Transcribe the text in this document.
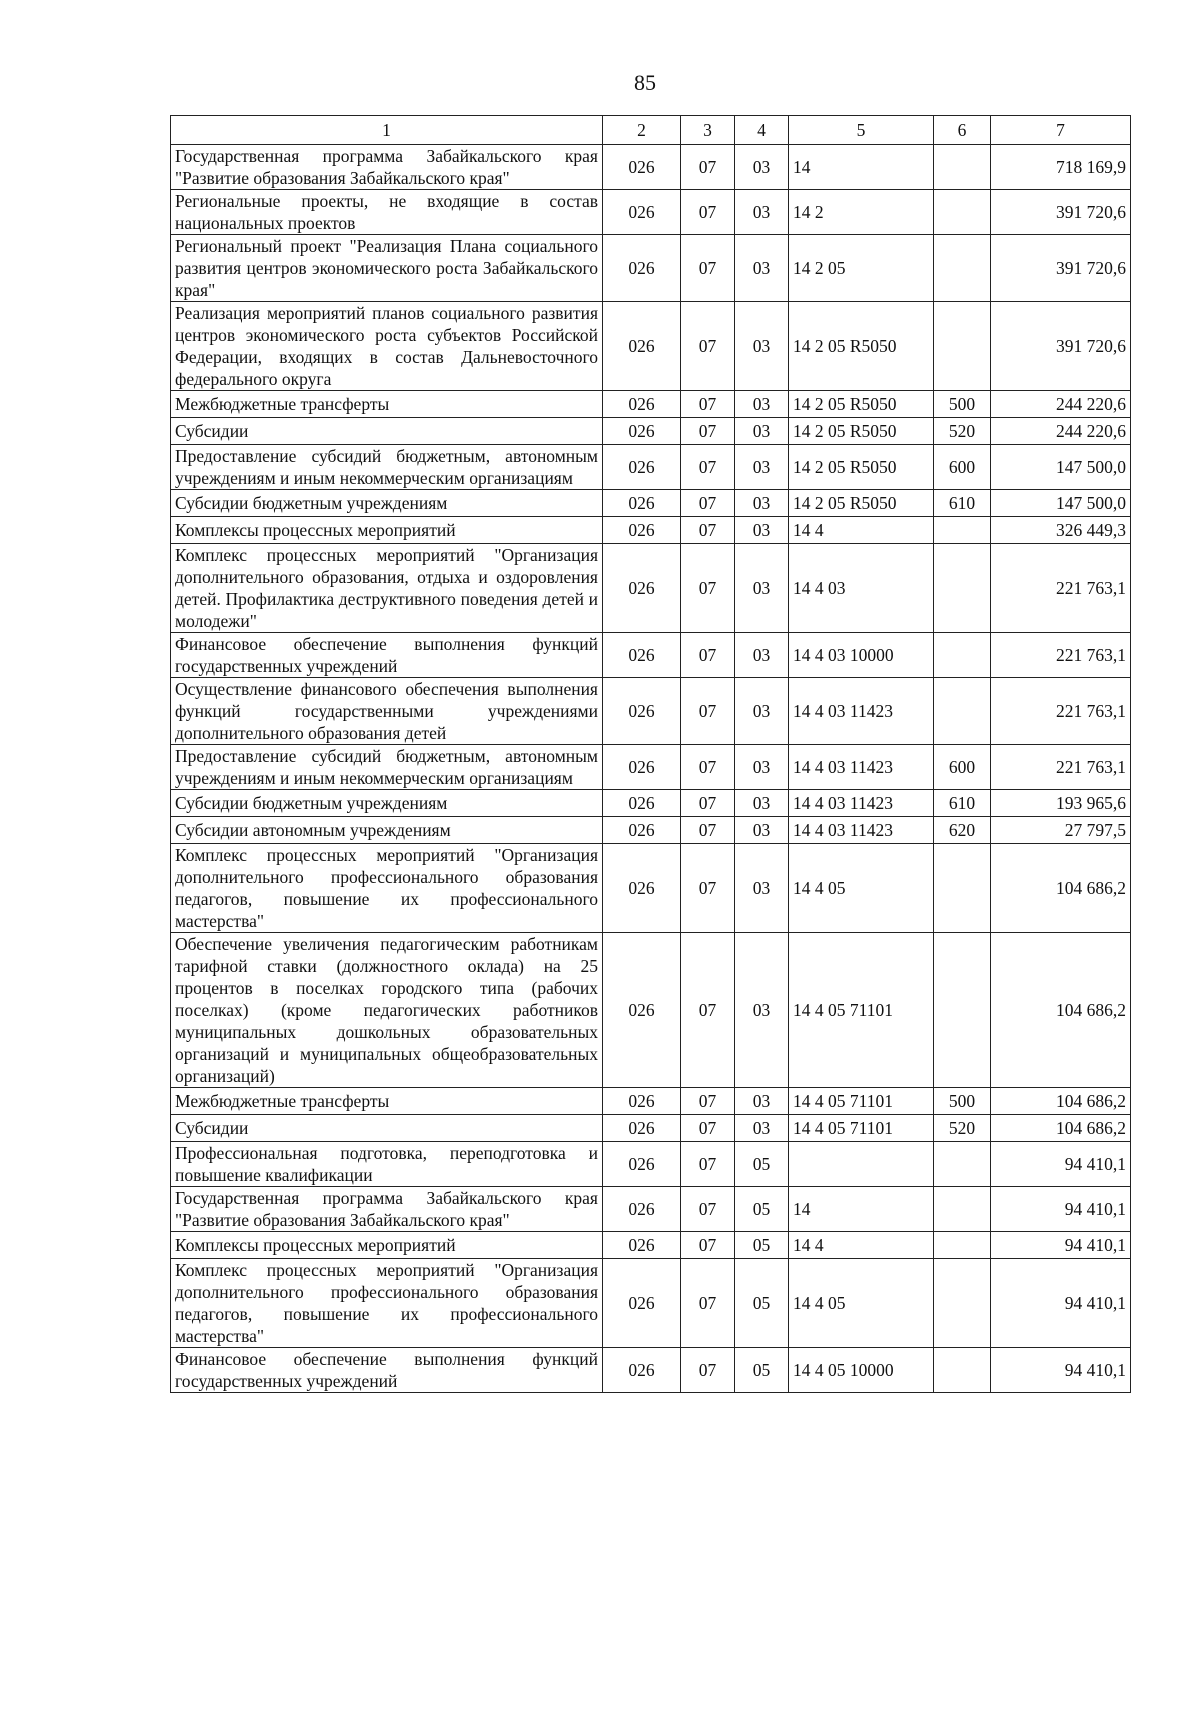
85
1	2	3	4	5	6	7
Государственная программа Забайкальского края "Развитие образования Забайкальского края"	026	07	03	14		718 169,9
Региональные проекты, не входящие в состав национальных проектов	026	07	03	14 2		391 720,6
Региональный проект "Реализация Плана социального развития центров экономического роста Забайкальского края"	026	07	03	14 2 05		391 720,6
Реализация мероприятий планов социального развития центров экономического роста субъектов Российской Федерации, входящих в состав Дальневосточного федерального округа	026	07	03	14 2 05 R5050		391 720,6
Межбюджетные трансферты	026	07	03	14 2 05 R5050	500	244 220,6
Субсидии	026	07	03	14 2 05 R5050	520	244 220,6
Предоставление субсидий бюджетным, автономным учреждениям и иным некоммерческим организациям	026	07	03	14 2 05 R5050	600	147 500,0
Субсидии бюджетным учреждениям	026	07	03	14 2 05 R5050	610	147 500,0
Комплексы процессных мероприятий	026	07	03	14 4		326 449,3
Комплекс процессных мероприятий "Организация дополнительного образования, отдыха и оздоровления детей. Профилактика деструктивного поведения детей и молодежи"	026	07	03	14 4 03		221 763,1
Финансовое обеспечение выполнения функций государственных учреждений	026	07	03	14 4 03 10000		221 763,1
Осуществление финансового обеспечения выполнения функций государственными учреждениями дополнительного образования детей	026	07	03	14 4 03 11423		221 763,1
Предоставление субсидий бюджетным, автономным учреждениям и иным некоммерческим организациям	026	07	03	14 4 03 11423	600	221 763,1
Субсидии бюджетным учреждениям	026	07	03	14 4 03 11423	610	193 965,6
Субсидии автономным учреждениям	026	07	03	14 4 03 11423	620	27 797,5
Комплекс процессных мероприятий "Организация дополнительного профессионального образования педагогов, повышение их профессионального мастерства"	026	07	03	14 4 05		104 686,2
Обеспечение увеличения педагогическим работникам тарифной ставки (должностного оклада) на 25 процентов в поселках городского типа (рабочих поселках) (кроме педагогических работников муниципальных дошкольных образовательных организаций и муниципальных общеобразовательных организаций)	026	07	03	14 4 05 71101		104 686,2
Межбюджетные трансферты	026	07	03	14 4 05 71101	500	104 686,2
Субсидии	026	07	03	14 4 05 71101	520	104 686,2
Профессиональная подготовка, переподготовка и повышение квалификации	026	07	05			94 410,1
Государственная программа Забайкальского края "Развитие образования Забайкальского края"	026	07	05	14		94 410,1
Комплексы процессных мероприятий	026	07	05	14 4		94 410,1
Комплекс процессных мероприятий "Организация дополнительного профессионального образования педагогов, повышение их профессионального мастерства"	026	07	05	14 4 05		94 410,1
Финансовое обеспечение выполнения функций государственных учреждений	026	07	05	14 4 05 10000		94 410,1
